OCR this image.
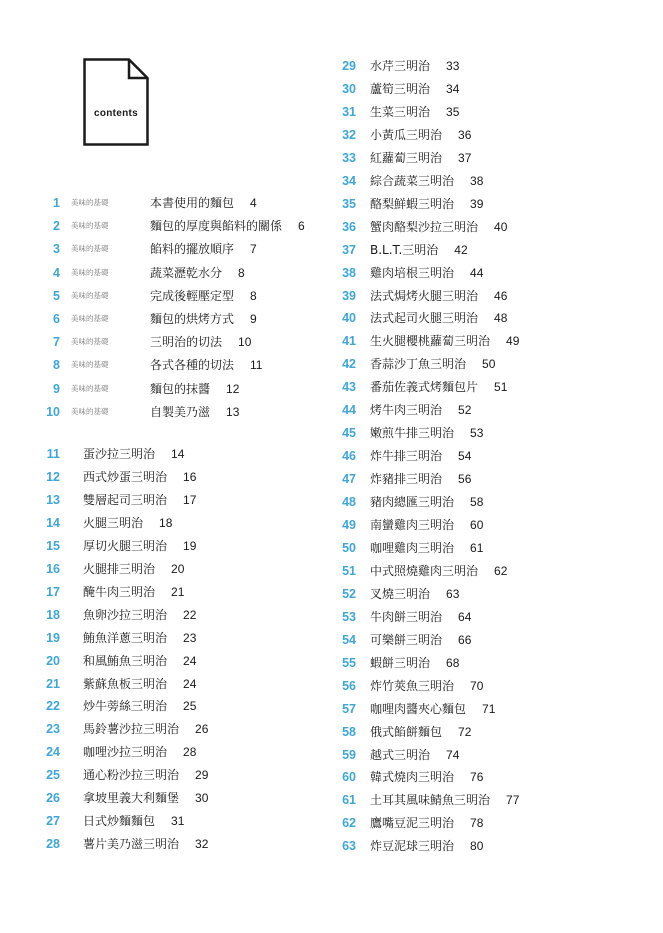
contents
1 美味的基礎	本書使用的麵包 4
2 美味的基礎	麵包的厚度與餡料的關係 6
3 美味的基礎	餡料的擺放順序 7
4 美味的基礎	蔬菜瀝乾水分 8
5 美味的基礎	完成後輕壓定型 8
6 美味的基礎	麵包的烘烤方式 9
7 美味的基礎	三明治的切法 10
8 美味的基礎	各式各種的切法 11
9 美味的基礎	麵包的抹醬 12
10 美味的基礎	自製美乃滋 13
11 蛋沙拉三明治 14
12 西式炒蛋三明治 16
13 雙層起司三明治 17
14 火腿三明治 18
15 厚切火腿三明治 19
16 火腿排三明治 20
17 醃牛肉三明治 21
18 魚卵沙拉三明治 22
19 鮪魚洋蔥三明治 23
20 和風鮪魚三明治 24
21 紫蘇魚板三明治 24
22 炒牛蒡絲三明治 25
23 馬鈴薯沙拉三明治 26
24 咖哩沙拉三明治 28
25 通心粉沙拉三明治 29
26 拿坡里義大利麵堡 30
27 日式炒麵麵包 31
28 薯片美乃滋三明治 32
29 水芹三明治 33
30 蘆筍三明治 34
31 生菜三明治 35
32 小黃瓜三明治 36
33 紅蘿蔔三明治 37
34 綜合蔬菜三明治 38
35 酪梨鮮蝦三明治 39
36 蟹肉酪梨沙拉三明治 40
37 B.L.T.三明治 42
38 雞肉培根三明治 44
39 法式焗烤火腿三明治 46
40 法式起司火腿三明治 48
41 生火腿櫻桃蘿蔔三明治 49
42 香蒜沙丁魚三明治 50
43 番茄佐義式烤麵包片 51
44 烤牛肉三明治 52
45 嫩煎牛排三明治 53
46 炸牛排三明治 54
47 炸豬排三明治 56
48 豬肉總匯三明治 58
49 南蠻雞肉三明治 60
50 咖哩雞肉三明治 61
51 中式照燒雞肉三明治 62
52 叉燒三明治 63
53 牛肉餅三明治 64
54 可樂餅三明治 66
55 蝦餅三明治 68
56 炸竹莢魚三明治 70
57 咖哩肉醬夾心麵包 71
58 俄式餡餅麵包 72
59 越式三明治 74
60 韓式燒肉三明治 76
61 土耳其風味鯖魚三明治 77
62 鷹嘴豆泥三明治 78
63 炸豆泥球三明治 80
